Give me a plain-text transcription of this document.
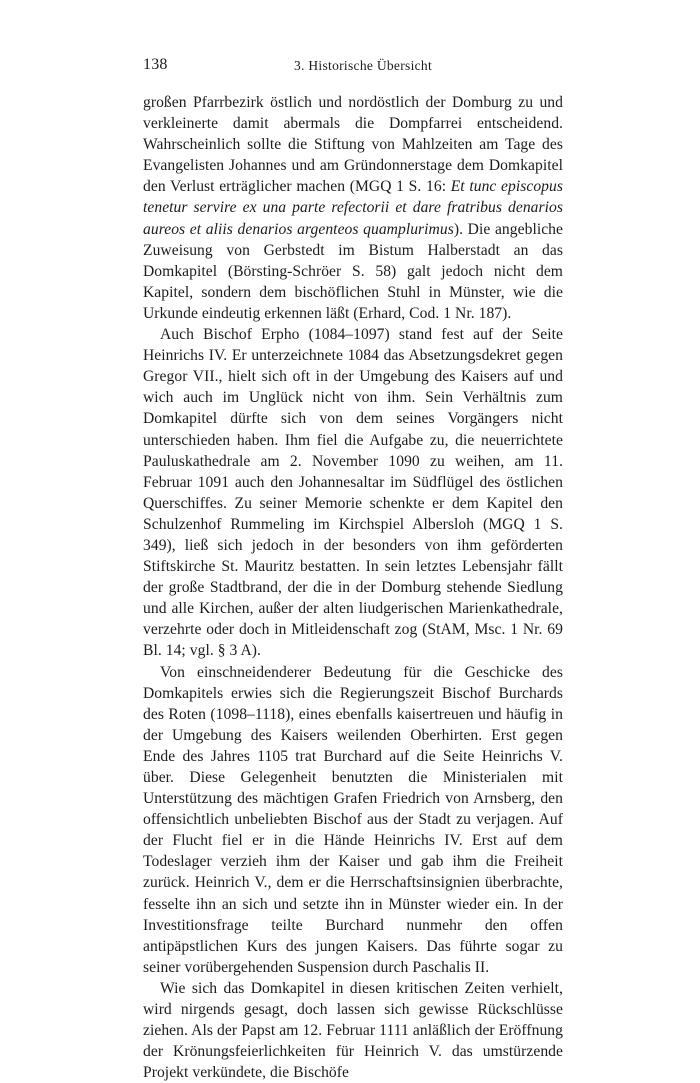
138	3. Historische Übersicht

großen Pfarrbezirk östlich und nordöstlich der Domburg zu und verkleinerte damit abermals die Dompfarrei entscheidend. Wahrscheinlich sollte die Stiftung von Mahlzeiten am Tage des Evangelisten Johannes und am Gründonnerstage dem Domkapitel den Verlust erträglicher machen (MGQ 1 S. 16: Et tunc episcopus tenetur servire ex una parte refectorii et dare fratribus denarios aureos et aliis denarios argenteos quamplurimus). Die angebliche Zuweisung von Gerbstedt im Bistum Halberstadt an das Domkapitel (Börsting-Schröer S. 58) galt jedoch nicht dem Kapitel, sondern dem bischöflichen Stuhl in Münster, wie die Urkunde eindeutig erkennen läßt (Erhard, Cod. 1 Nr. 187).

Auch Bischof Erpho (1084–1097) stand fest auf der Seite Heinrichs IV. Er unterzeichnete 1084 das Absetzungsdekret gegen Gregor VII., hielt sich oft in der Umgebung des Kaisers auf und wich auch im Unglück nicht von ihm. Sein Verhältnis zum Domkapitel dürfte sich von dem seines Vorgängers nicht unterschieden haben. Ihm fiel die Aufgabe zu, die neuerrichtete Pauluskathedrale am 2. November 1090 zu weihen, am 11. Februar 1091 auch den Johannesaltar im Südflügel des östlichen Querschiffes. Zu seiner Memorie schenkte er dem Kapitel den Schulzenhof Rummeling im Kirchspiel Albersloh (MGQ 1 S. 349), ließ sich jedoch in der besonders von ihm geförderten Stiftskirche St. Mauritz bestatten. In sein letztes Lebensjahr fällt der große Stadtbrand, der die in der Domburg stehende Siedlung und alle Kirchen, außer der alten liudgerischen Marienkathedrale, verzehrte oder doch in Mitleidenschaft zog (StAM, Msc. 1 Nr. 69 Bl. 14; vgl. § 3 A).

Von einschneidenderer Bedeutung für die Geschicke des Domkapitels erwies sich die Regierungszeit Bischof Burchards des Roten (1098–1118), eines ebenfalls kaisertreuen und häufig in der Umgebung des Kaisers weilenden Oberhirten. Erst gegen Ende des Jahres 1105 trat Burchard auf die Seite Heinrichs V. über. Diese Gelegenheit benutzten die Ministerialen mit Unterstützung des mächtigen Grafen Friedrich von Arnsberg, den offensichtlich unbeliebten Bischof aus der Stadt zu verjagen. Auf der Flucht fiel er in die Hände Heinrichs IV. Erst auf dem Todeslager verzieh ihm der Kaiser und gab ihm die Freiheit zurück. Heinrich V., dem er die Herrschaftsinsignien überbrachte, fesselte ihn an sich und setzte ihn in Münster wieder ein. In der Investitionsfrage teilte Burchard nunmehr den offen antipäpstlichen Kurs des jungen Kaisers. Das führte sogar zu seiner vorübergehenden Suspension durch Paschalis II.

Wie sich das Domkapitel in diesen kritischen Zeiten verhielt, wird nirgends gesagt, doch lassen sich gewisse Rückschlüsse ziehen. Als der Papst am 12. Februar 1111 anläßlich der Eröffnung der Krönungsfeierlichkeiten für Heinrich V. das umstürzende Projekt verkündete, die Bischöfe
